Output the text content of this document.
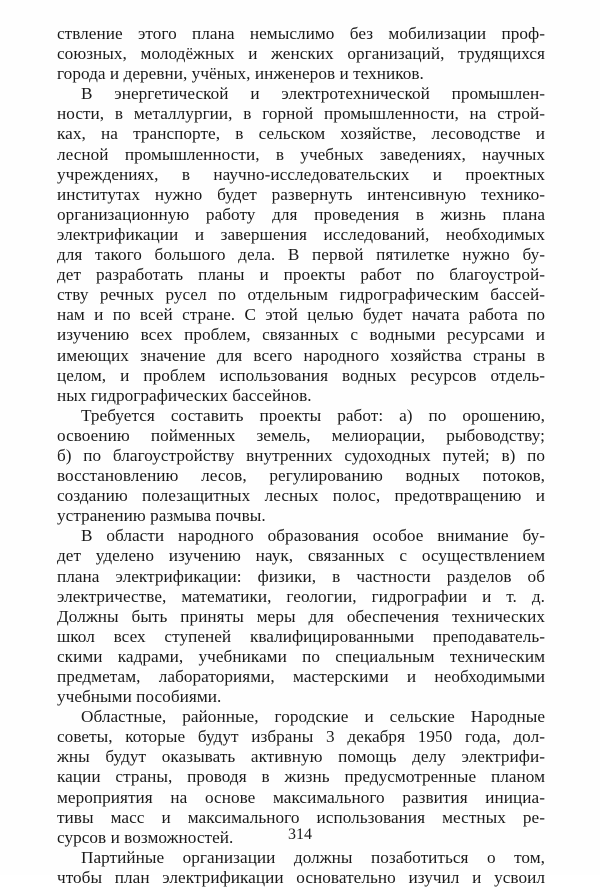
ствление этого плана немыслимо без мобилизации проф-
союзных, молодёжных и женских организаций, трудящихся
города и деревни, учёных, инженеров и техников.
В энергетической и электротехнической промышлен-
ности, в металлургии, в горной промышленности, на строй-
ках, на транспорте, в сельском хозяйстве, лесоводстве и
лесной промышленности, в учебных заведениях, научных
учреждениях, в научно-исследовательских и проектных
институтах нужно будет развернуть интенсивную технико-
организационную работу для проведения в жизнь плана
электрификации и завершения исследований, необходимых
для такого большого дела. В первой пятилетке нужно бу-
дет разработать планы и проекты работ по благоустрой-
ству речных русел по отдельным гидрографическим бассей-
нам и по всей стране. С этой целью будет начата работа по
изучению всех проблем, связанных с водными ресурсами и
имеющих значение для всего народного хозяйства страны в
целом, и проблем использования водных ресурсов отдель-
ных гидрографических бассейнов.
Требуется составить проекты работ: а) по орошению,
освоению пойменных земель, мелиорации, рыбоводству;
б) по благоустройству внутренних судоходных путей; в) по
восстановлению лесов, регулированию водных потоков,
созданию полезащитных лесных полос, предотвращению и
устранению размыва почвы.
В области народного образования особое внимание бу-
дет уделено изучению наук, связанных с осуществлением
плана электрификации: физики, в частности разделов об
электричестве, математики, геологии, гидрографии и т. д.
Должны быть приняты меры для обеспечения технических
школ всех ступеней квалифицированными преподаватель-
скими кадрами, учебниками по специальным техническим
предметам, лабораториями, мастерскими и необходимыми
учебными пособиями.
Областные, районные, городские и сельские Народные
советы, которые будут избраны 3 декабря 1950 года, дол-
жны будут оказывать активную помощь делу электрифи-
кации страны, проводя в жизнь предусмотренные планом
мероприятия на основе максимального развития инициа-
тивы масс и максимального использования местных ре-
сурсов и возможностей.
Партийные организации должны позаботиться о том,
чтобы план электрификации основательно изучил и усвоил
314
